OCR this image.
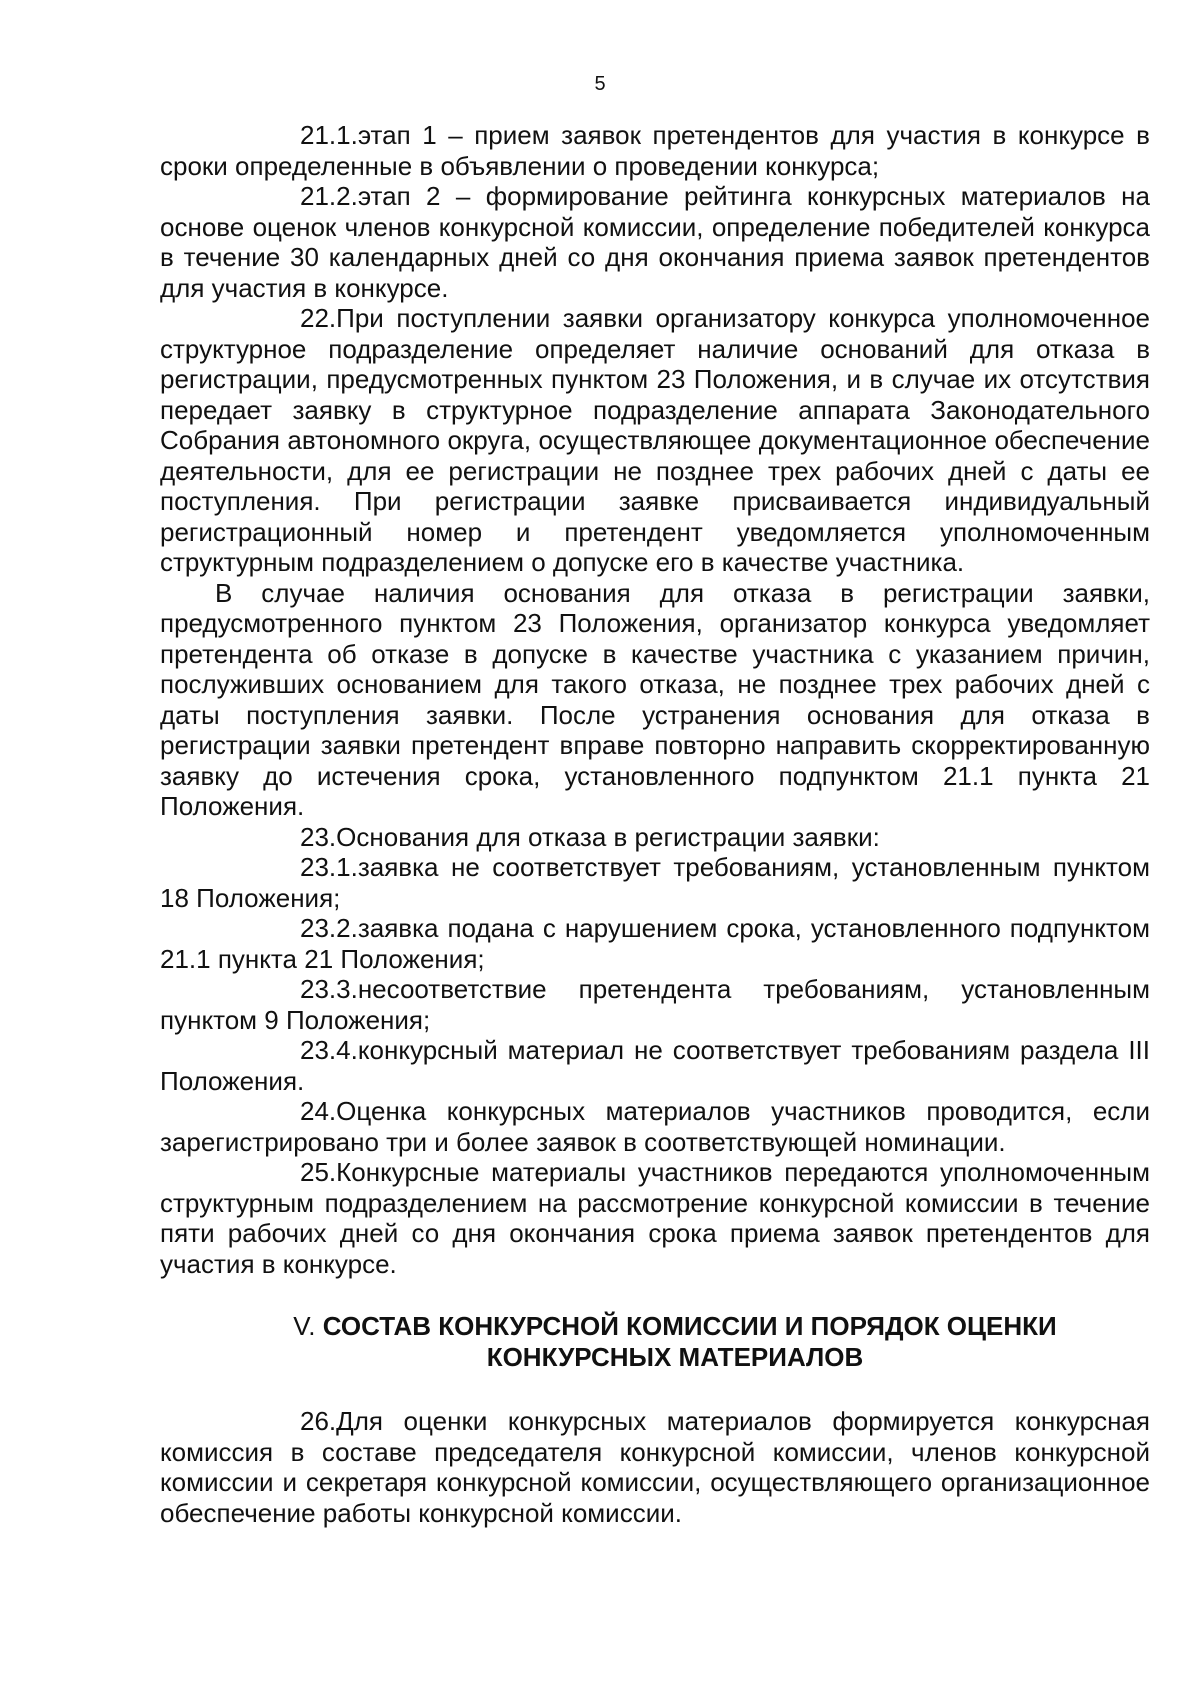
5

21.1.этап 1 – прием заявок претендентов для участия в конкурсе в сроки определенные в объявлении о проведении конкурса;

21.2.этап 2 – формирование рейтинга конкурсных материалов на основе оценок членов конкурсной комиссии, определение победителей конкурса в течение 30 календарных дней со дня окончания приема заявок претендентов для участия в конкурсе.

22.При поступлении заявки организатору конкурса уполномоченное структурное подразделение определяет наличие оснований для отказа в регистрации, предусмотренных пунктом 23 Положения, и в случае их отсутствия передает заявку в структурное подразделение аппарата Законодательного Собрания автономного округа, осуществляющее документационное обеспечение деятельности, для ее регистрации не позднее трех рабочих дней с даты ее поступления. При регистрации заявке присваивается индивидуальный регистрационный номер и претендент уведомляется уполномоченным структурным подразделением о допуске его в качестве участника.

В случае наличия основания для отказа в регистрации заявки, предусмотренного пунктом 23 Положения, организатор конкурса уведомляет претендента об отказе в допуске в качестве участника с указанием причин, послуживших основанием для такого отказа, не позднее трех рабочих дней с даты поступления заявки. После устранения основания для отказа в регистрации заявки претендент вправе повторно направить скорректированную заявку до истечения срока, установленного подпунктом 21.1 пункта 21 Положения.

23.Основания для отказа в регистрации заявки:

23.1.заявка не соответствует требованиям, установленным пунктом 18 Положения;

23.2.заявка подана с нарушением срока, установленного подпунктом 21.1 пункта 21 Положения;

23.3.несоответствие претендента требованиям, установленным пунктом 9 Положения;

23.4.конкурсный материал не соответствует требованиям раздела III Положения.

24.Оценка конкурсных материалов участников проводится, если зарегистрировано три и более заявок в соответствующей номинации.

25.Конкурсные материалы участников передаются уполномоченным структурным подразделением на рассмотрение конкурсной комиссии в течение пяти рабочих дней со дня окончания срока приема заявок претендентов для участия в конкурсе.

V. СОСТАВ КОНКУРСНОЙ КОМИССИИ И ПОРЯДОК ОЦЕНКИ
КОНКУРСНЫХ МАТЕРИАЛОВ

26.Для оценки конкурсных материалов формируется конкурсная комиссия в составе председателя конкурсной комиссии, членов конкурсной комиссии и секретаря конкурсной комиссии, осуществляющего организационное обеспечение работы конкурсной комиссии.
